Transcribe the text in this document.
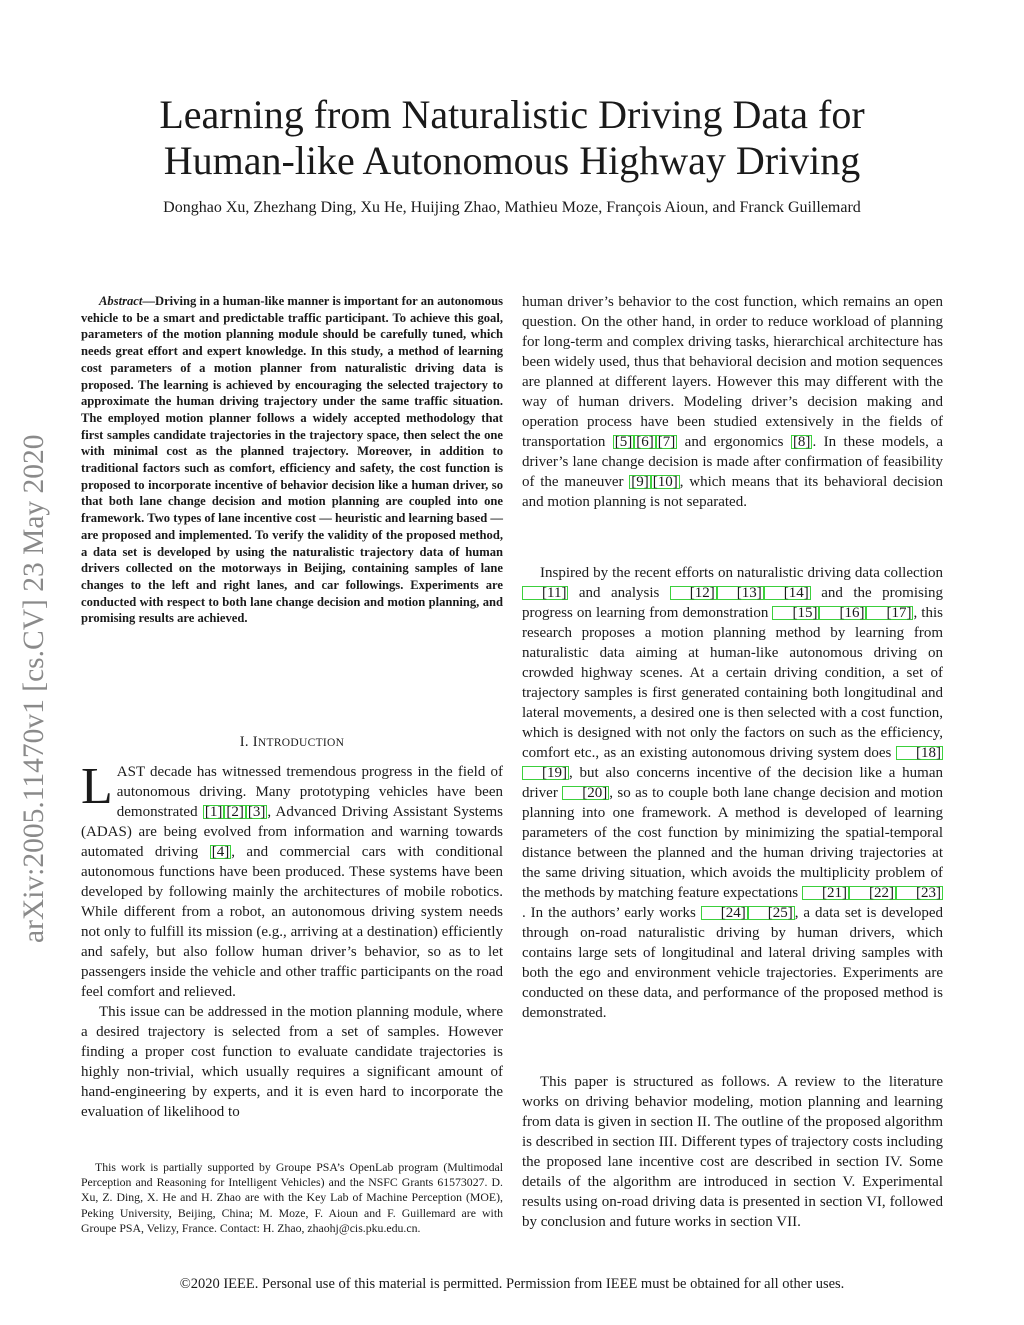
Learning from Naturalistic Driving Data for
Human-like Autonomous Highway Driving
Donghao Xu, Zhezhang Ding, Xu He, Huijing Zhao, Mathieu Moze, François Aioun, and Franck Guillemard
arXiv:2005.11470v1 [cs.CV] 23 May 2020

Abstract—Driving in a human-like manner is important for an autonomous vehicle to be a smart and predictable traffic participant. To achieve this goal, parameters of the motion planning module should be carefully tuned, which needs great effort and expert knowledge. In this study, a method of learning cost parameters of a motion planner from naturalistic driving data is proposed. The learning is achieved by encouraging the selected trajectory to approximate the human driving trajectory under the same traffic situation. The employed motion planner follows a widely accepted methodology that first samples candidate trajectories in the trajectory space, then select the one with minimal cost as the planned trajectory. Moreover, in addition to traditional factors such as comfort, efficiency and safety, the cost function is proposed to incorporate incentive of behavior decision like a human driver, so that both lane change decision and motion planning are coupled into one framework. Two types of lane incentive cost — heuristic and learning based — are proposed and implemented. To verify the validity of the proposed method, a data set is developed by using the naturalistic trajectory data of human drivers collected on the motorways in Beijing, containing samples of lane changes to the left and right lanes, and car followings. Experiments are conducted with respect to both lane change decision and motion planning, and promising results are achieved.

I. INTRODUCTION

LAST decade has witnessed tremendous progress in the field of autonomous driving. Many prototyping vehicles have been demonstrated [1] [2] [3] , Advanced Driving Assistant Systems (ADAS) are being evolved from information and warning towards automated driving [4] , and commercial cars with conditional autonomous functions have been produced. These systems have been developed by following mainly the architectures of mobile robotics. While different from a robot, an autonomous driving system needs not only to fulfill its mission (e.g., arriving at a destination) efficiently and safely, but also follow human driver’s behavior, so as to let passengers inside the vehicle and other traffic participants on the road feel comfort and relieved.

This issue can be addressed in the motion planning module, where a desired trajectory is selected from a set of samples. However finding a proper cost function to evaluate candidate trajectories is highly non-trivial, which usually requires a significant amount of hand-engineering by experts, and it is even hard to incorporate the evaluation of likelihood to

This work is partially supported by Groupe PSA’s OpenLab program (Multimodal Perception and Reasoning for Intelligent Vehicles) and the NSFC Grants 61573027. D. Xu, Z. Ding, X. He and H. Zhao are with the Key Lab of Machine Perception (MOE), Peking University, Beijing, China; M. Moze, F. Aioun and F. Guillemard are with Groupe PSA, Velizy, France. Contact: H. Zhao, zhaohj@cis.pku.edu.cn.

human driver’s behavior to the cost function, which remains an open question. On the other hand, in order to reduce workload of planning for long-term and complex driving tasks, hierarchical architecture has been widely used, thus that behavioral decision and motion sequences are planned at different layers. However this may different with the way of human drivers. Modeling driver’s decision making and operation process have been studied extensively in the fields of transportation [5] [6] [7] and ergonomics [8] . In these models, a driver’s lane change decision is made after confirmation of feasibility of the maneuver [9] [10] , which means that its behavioral decision and motion planning is not separated.

Inspired by the recent efforts on naturalistic driving data collection [11] and analysis [12] [13] [14] and the promising progress on learning from demonstration [15] [16] [17] , this research proposes a motion planning method by learning from naturalistic data aiming at human-like autonomous driving on crowded highway scenes. At a certain driving condition, a set of trajectory samples is first generated containing both longitudinal and lateral movements, a desired one is then selected with a cost function, which is designed with not only the factors on such as the efficiency, comfort etc., as an existing autonomous driving system does [18][19] , but also concerns incentive of the decision like a human driver [20] , so as to couple both lane change decision and motion planning into one framework. A method is developed of learning parameters of the cost function by minimizing the spatial-temporal distance between the planned and the human driving trajectories at the same driving situation, which avoids the multiplicity problem of the methods by matching feature expectations [21] [22] [23]. In the authors’ early works [24] [25] , a data set is developed through on-road naturalistic driving by human drivers, which contains large sets of longitudinal and lateral driving samples with both the ego and environment vehicle trajectories. Experiments are conducted on these data, and performance of the proposed method is demonstrated.

This paper is structured as follows. A review to the literature works on driving behavior modeling, motion planning and learning from data is given in section II. The outline of the proposed algorithm is described in section III. Different types of trajectory costs including the proposed lane incentive cost are described in section IV. Some details of the algorithm are introduced in section V. Experimental results using on-road driving data is presented in section VI, followed by conclusion and future works in section VII.

©2020 IEEE. Personal use of this material is permitted. Permission from IEEE must be obtained for all other uses.
